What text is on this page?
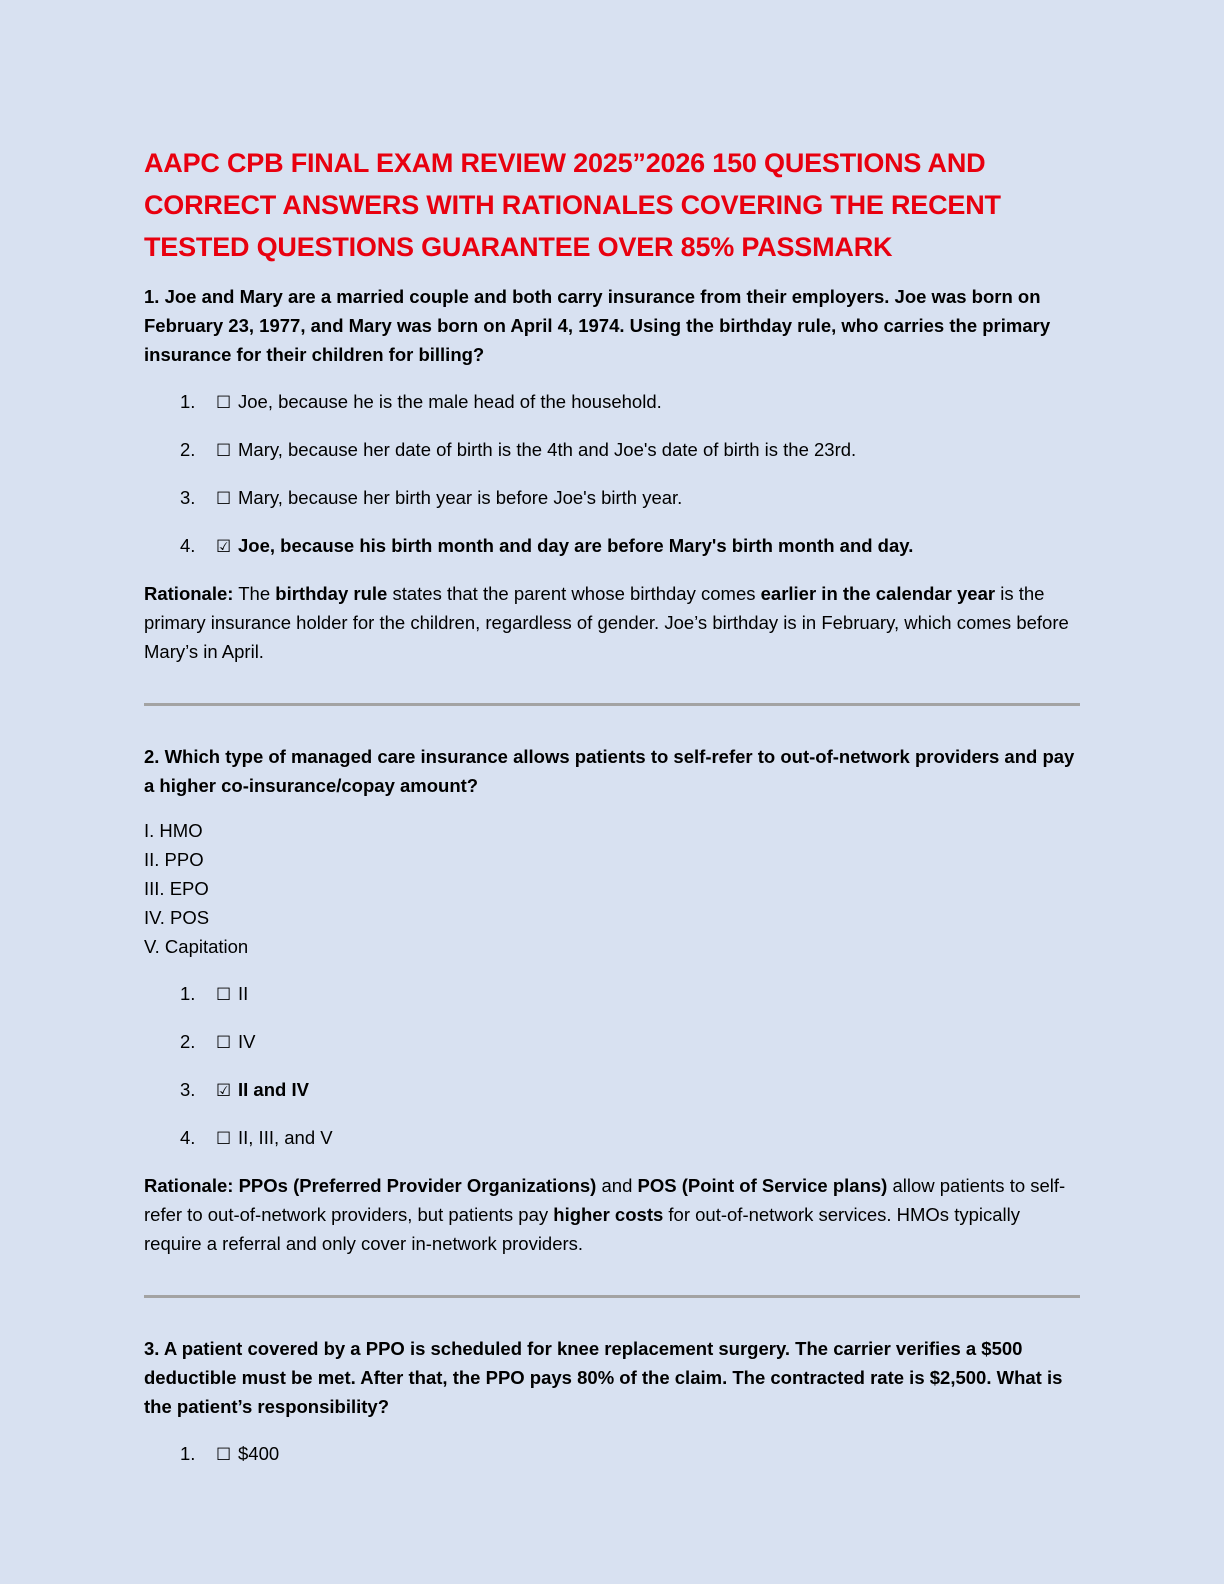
AAPC CPB FINAL EXAM REVIEW 2025”2026 150 QUESTIONS AND CORRECT ANSWERS WITH RATIONALES COVERING THE RECENT TESTED QUESTIONS GUARANTEE OVER 85% PASSMARK

1. Joe and Mary are a married couple and both carry insurance from their employers. Joe was born on February 23, 1977, and Mary was born on April 4, 1974. Using the birthday rule, who carries the primary insurance for their children for billing?

1.	☐ Joe, because he is the male head of the household.
2.	☐ Mary, because her date of birth is the 4th and Joe's date of birth is the 23rd.
3.	☐ Mary, because her birth year is before Joe's birth year.
4.	☑ Joe, because his birth month and day are before Mary's birth month and day.

Rationale: The birthday rule states that the parent whose birthday comes earlier in the calendar year is the primary insurance holder for the children, regardless of gender. Joe’s birthday is in February, which comes before Mary’s in April.

2. Which type of managed care insurance allows patients to self-refer to out-of-network providers and pay a higher co-insurance/copay amount?

I. HMO
II. PPO
III. EPO
IV. POS
V. Capitation
1.	☐ II
2.	☐ IV
3.	☑ II and IV
4.	☐ II, III, and V

Rationale: PPOs (Preferred Provider Organizations) and POS (Point of Service plans) allow patients to self-refer to out-of-network providers, but patients pay higher costs for out-of-network services. HMOs typically require a referral and only cover in-network providers.

3. A patient covered by a PPO is scheduled for knee replacement surgery. The carrier verifies a $500 deductible must be met. After that, the PPO pays 80% of the claim. The contracted rate is $2,500. What is the patient’s responsibility?

1.	☐ $400
